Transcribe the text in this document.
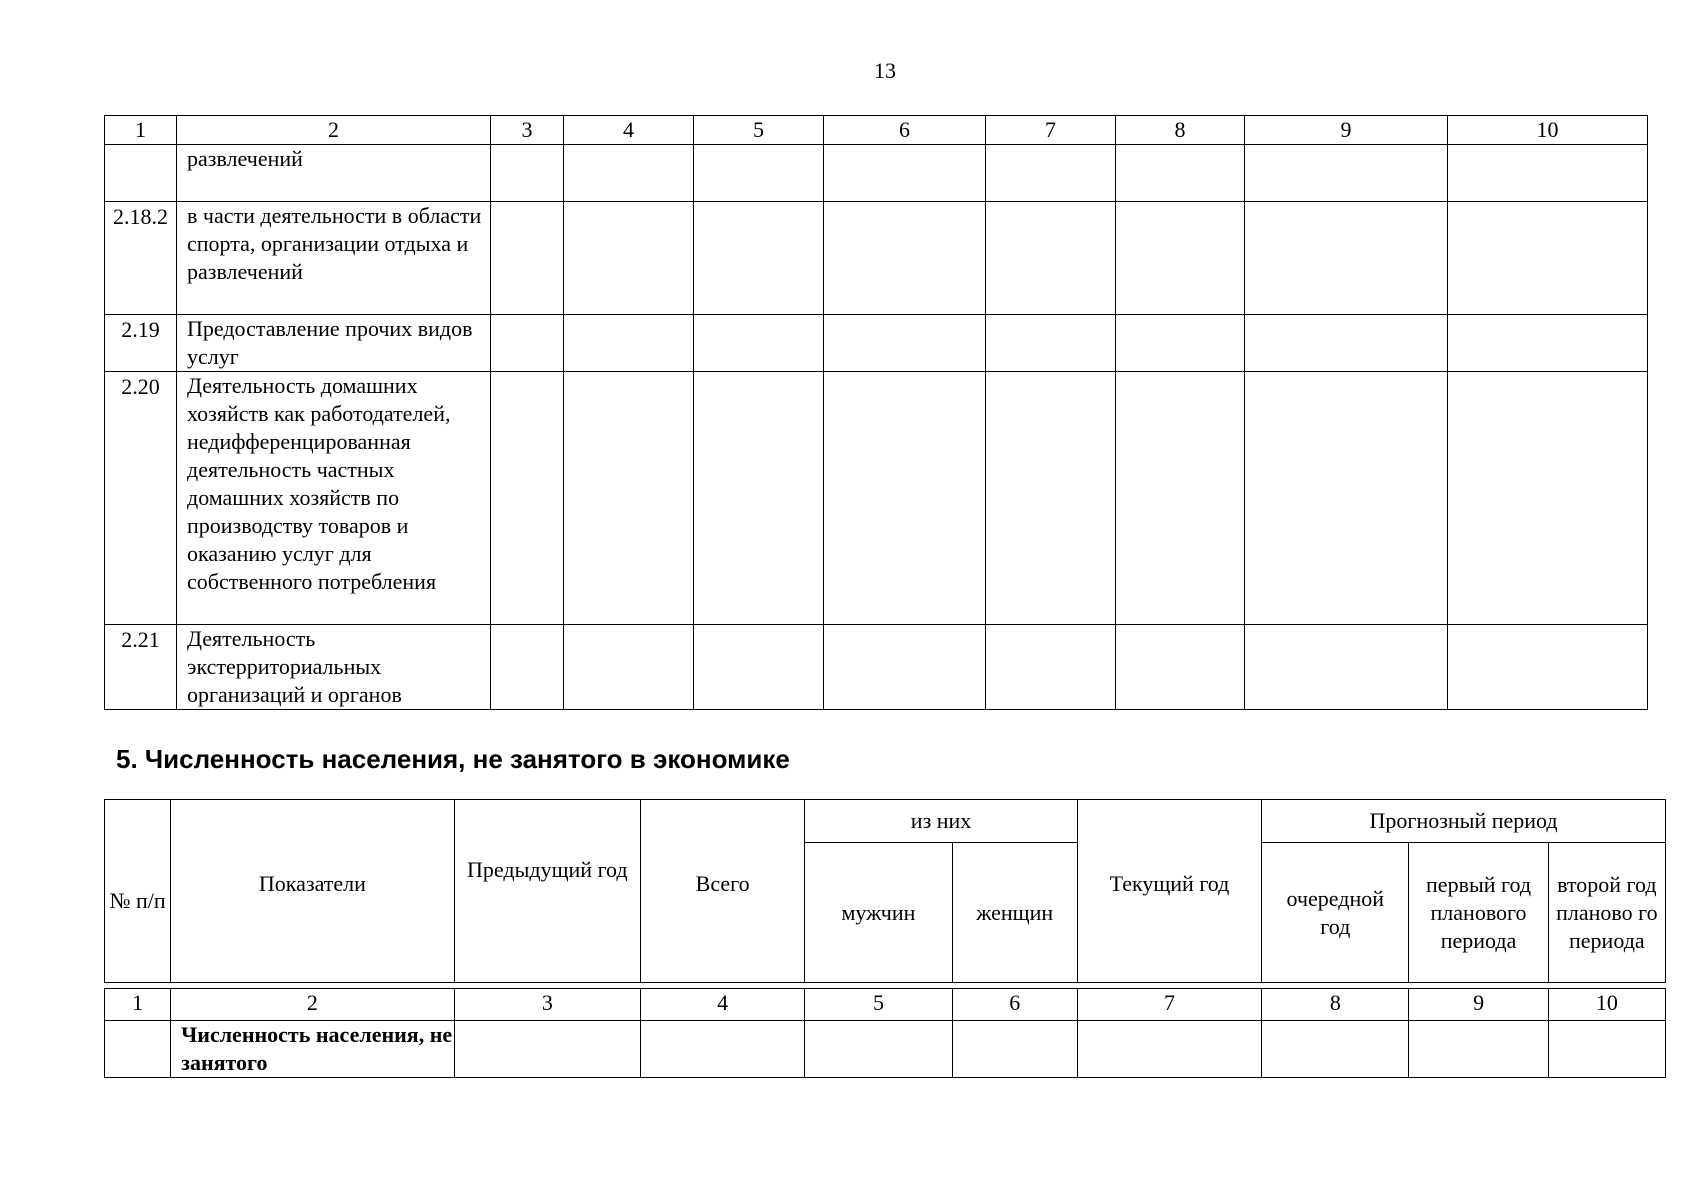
13
1	2	3	4	5	6	7	8	9	10
	развлечений								
2.18.2	в части деятельности в области спорта, организации отдыха и развлечений								
2.19	Предоставление прочих видов услуг								
2.20	Деятельность домашних хозяйств как работодателей, недифференцированная деятельность частных домашних хозяйств по производству товаров и оказанию услуг для собственного потребления								
2.21	Деятельность экстерриториальных организаций и органов								
5. Численность населения, не занятого в экономике
№ п/п	Показатели	Предыдущий год	Всего	из них		Текущий год	Прогнозный период		
				мужчин	женщин		очередной год	первый год планового периода	второй год планово го периода
1	2	3	4	5	6	7	8	9	10
	Численность населения, не занятого								
